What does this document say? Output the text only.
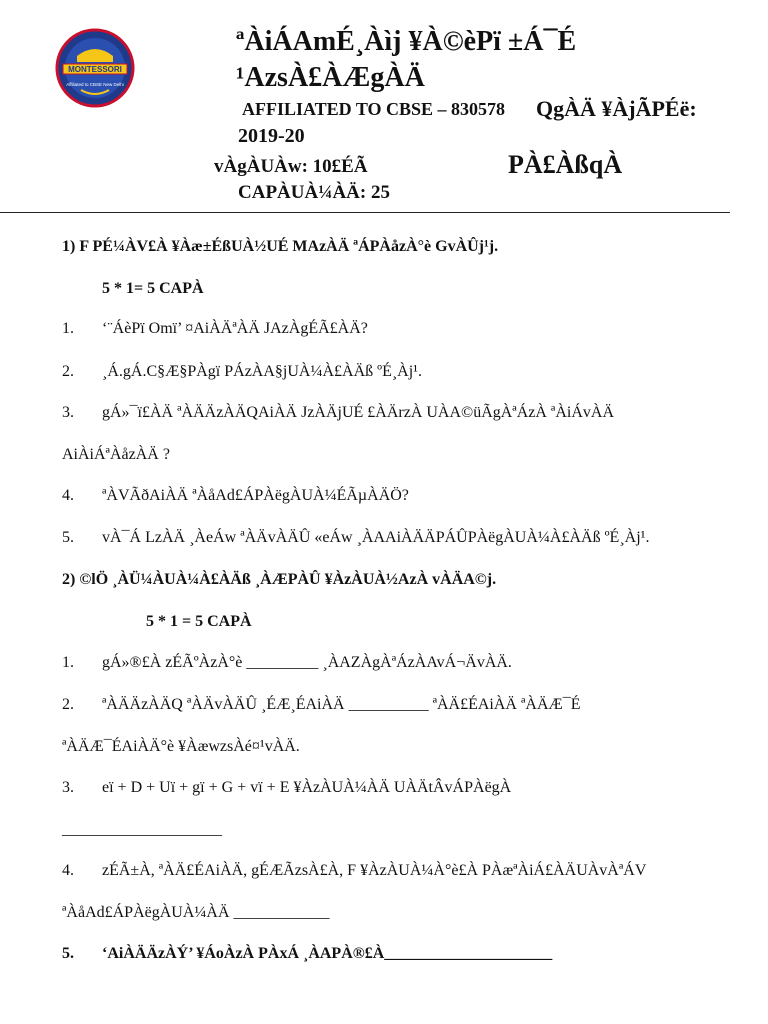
MONTESSORI
Affiliated to CBSE New Delhi
ªÀiÁAmÉ¸Àìj ¥À©èPï ±Á¯É
¹AzsÀ£ÀÆgÀÄ
AFFILIATED TO CBSE – 830578 QgÀÄ ¥ÀjÃPÉë:
2019-20
vÀgÀUÀw: 10£ÉÃ	PÀ£ÀßqÀ
CAPÀUÀ¼ÀÄ: 25
1) F PÉ¼ÀV£À ¥Àæ±ÉßUÀ½UÉ MAzÀÄ ªÁPÀåzÀ°è GvÀÛj¹j.
5 * 1= 5 CAPÀ
1. ‘¨ÁèPï Omï’ ¤AiÀÄªÀÄ JAzÀgÉÃ£ÀÄ?
2. ¸Á.gÁ.C§Æ§PÀgï PÁzÀA§jUÀ¼À£ÀÄß ºÉ¸Àj¹.
3. gÁ»¯ï£ÀÄ ªÀÄÄzÀÄQAiÀÄ JzÀÄjUÉ £ÀÄrzÀ UÀA©üÃgÀªÁzÀ ªÀiÁvÀÄ
AiÀiÁªÀåzÀÄ ?
4. ªÀVÃðAiÀÄ ªÀåAd£ÁPÀëgÀUÀ¼ÉÃµÀÄÖ?
5. vÀ¯Á LzÀÄ ¸ÀeÁw ªÀÄvÀÄÛ «eÁw ¸ÀAAiÀÄÄPÁÛPÀëgÀUÀ¼À£ÀÄß ºÉ¸Àj¹.
2) ©lÖ ¸ÀÜ¼ÀUÀ¼À£ÀÄß ¸ÀÆPÀÛ ¥ÀzÀUÀ½AzÀ vÀÄA©j.
5 * 1 = 5 CAPÀ
1. gÁ»®£À zÉÃºÀzÀ°è _________ ¸ÀAZÀgÀªÁzÀAvÁ¬ÄvÀÄ.
2. ªÀÄÄzÀÄQ ªÀÄvÀÄÛ ¸ÉÆ¸ÉAiÀÄ __________ ªÀÄ£ÉAiÀÄ ªÀÄÆ¯É
ªÀÄÆ¯ÉAiÀÄ°è ¥ÀæwzsÀé¤¹vÀÄ.
3. eï + D + Uï + gï + G + vï + E ¥ÀzÀUÀ¼ÀÄ UÀÄtÂvÁPÀëgÀ
____________________
4. zÉÃ±À, ªÀÄ£ÉAiÀÄ, gÉÆÃzsÀ£À, F ¥ÀzÀUÀ¼À°è£À PÀæªÀiÁ£ÀÄUÀvÀªÁV
ªÀåAd£ÁPÀëgÀUÀ¼ÀÄ ____________
5. ‘AiÀÄÄzÀÝ’ ¥ÁoÀzÀ PÀxÁ ¸ÀAPÀ®£À_____________________
